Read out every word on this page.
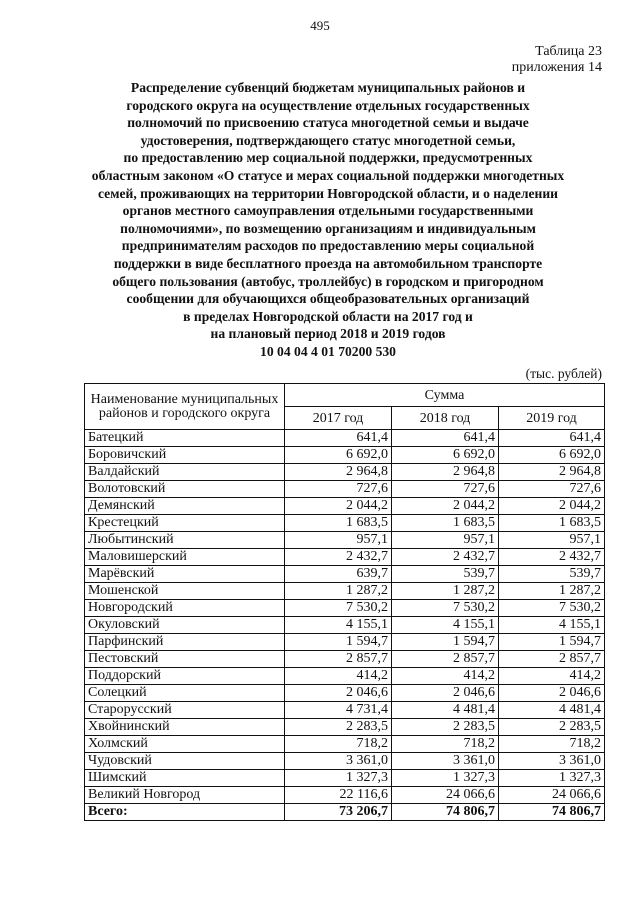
495
Таблица 23
приложения 14
Распределение субвенций бюджетам муниципальных районов и
городского округа на осуществление отдельных государственных
полномочий по присвоению статуса многодетной семьи и выдаче
удостоверения, подтверждающего статус многодетной семьи,
по предоставлению мер социальной поддержки, предусмотренных
областным законом «О статусе и мерах социальной поддержки многодетных
семей, проживающих на территории Новгородской области, и о наделении
органов местного самоуправления отдельными государственными
полномочиями», по возмещению организациям и индивидуальным
предпринимателям расходов по предоставлению меры социальной
поддержки в виде бесплатного проезда на автомобильном транспорте
общего пользования (автобус, троллейбус) в городском и пригородном
сообщении для обучающихся общеобразовательных организаций
в пределах Новгородской области на 2017 год и
на плановый период 2018 и 2019 годов
10 04 04 4 01 70200 530
(тыс. рублей)
Наименование муниципальных районов и городского округа	Сумма		
	2017 год	2018 год	2019 год
Батецкий	641,4	641,4	641,4
Боровичский	6 692,0	6 692,0	6 692,0
Валдайский	2 964,8	2 964,8	2 964,8
Волотовский	727,6	727,6	727,6
Демянский	2 044,2	2 044,2	2 044,2
Крестецкий	1 683,5	1 683,5	1 683,5
Любытинский	957,1	957,1	957,1
Маловишерский	2 432,7	2 432,7	2 432,7
Марёвский	639,7	539,7	539,7
Мошенской	1 287,2	1 287,2	1 287,2
Новгородский	7 530,2	7 530,2	7 530,2
Окуловский	4 155,1	4 155,1	4 155,1
Парфинский	1 594,7	1 594,7	1 594,7
Пестовский	2 857,7	2 857,7	2 857,7
Поддорский	414,2	414,2	414,2
Солецкий	2 046,6	2 046,6	2 046,6
Старорусский	4 731,4	4 481,4	4 481,4
Хвойнинский	2 283,5	2 283,5	2 283,5
Холмский	718,2	718,2	718,2
Чудовский	3 361,0	3 361,0	3 361,0
Шимский	1 327,3	1 327,3	1 327,3
Великий Новгород	22 116,6	24 066,6	24 066,6
Всего:	73 206,7	74 806,7	74 806,7
